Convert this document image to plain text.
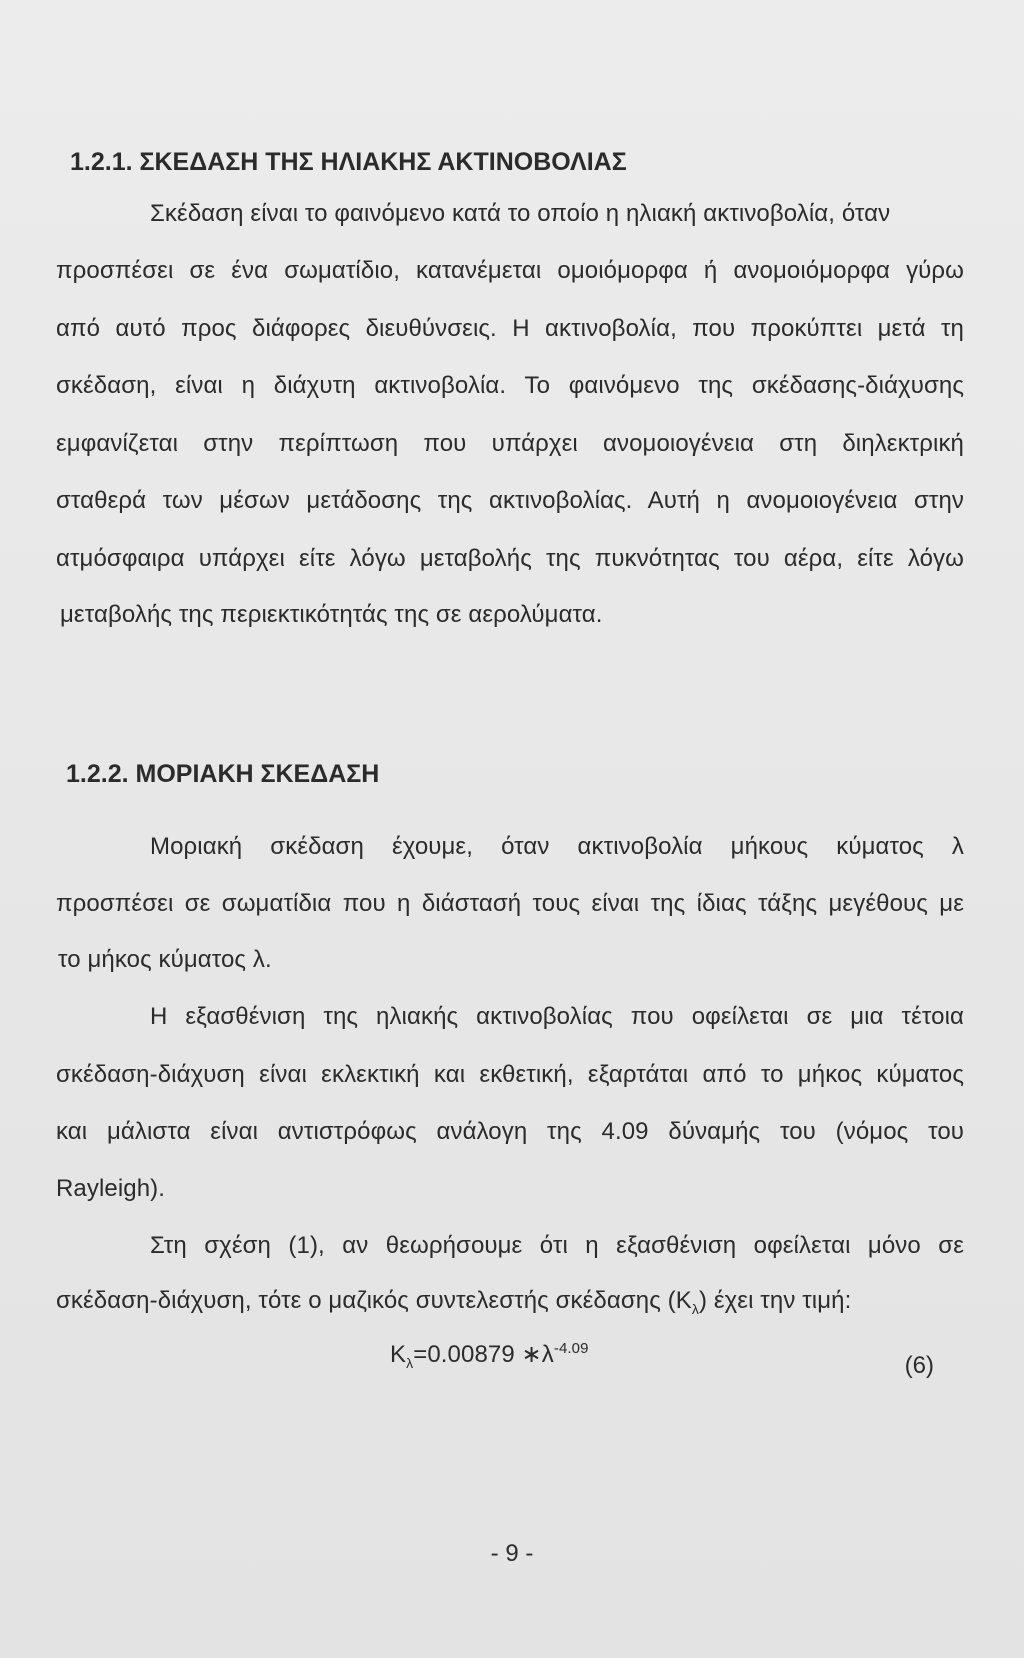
1.2.1. ΣΚΕΔΑΣΗ ΤΗΣ ΗΛΙΑΚΗΣ ΑΚΤΙΝΟΒΟΛΙΑΣ
Σκέδαση είναι το φαινόμενο κατά το οποίο η ηλιακή ακτινοβολία, όταν
προσπέσει σε ένα σωματίδιο, κατανέμεται ομοιόμορφα ή ανομοιόμορφα γύρω
από αυτό προς διάφορες διευθύνσεις. Η ακτινοβολία, που προκύπτει μετά τη
σκέδαση, είναι η διάχυτη ακτινοβολία. Το φαινόμενο της σκέδασης-διάχυσης
εμφανίζεται στην περίπτωση που υπάρχει ανομοιογένεια στη διηλεκτρική
σταθερά των μέσων μετάδοσης της ακτινοβολίας. Αυτή η ανομοιογένεια στην
ατμόσφαιρα υπάρχει είτε λόγω μεταβολής της πυκνότητας του αέρα, είτε λόγω
μεταβολής της περιεκτικότητάς της σε αερολύματα.
1.2.2. ΜΟΡΙΑΚΗ ΣΚΕΔΑΣΗ
Μοριακή σκέδαση έχουμε, όταν ακτινοβολία μήκους κύματος λ
προσπέσει σε σωματίδια που η διάστασή τους είναι της ίδιας τάξης μεγέθους με
το μήκος κύματος λ.
Η εξασθένιση της ηλιακής ακτινοβολίας που οφείλεται σε μια τέτοια
σκέδαση-διάχυση είναι εκλεκτική και εκθετική, εξαρτάται από το μήκος κύματος
και μάλιστα είναι αντιστρόφως ανάλογη της 4.09 δύναμής του (νόμος του
Rayleigh).
Στη σχέση (1), αν θεωρήσουμε ότι η εξασθένιση οφείλεται μόνο σε
σκέδαση-διάχυση, τότε ο μαζικός συντελεστής σκέδασης $(K_\lambda)$ έχει την τιμή:
$K_\lambda=0.00879$ $∗\lambda^{-4.09}$
(6)
- 9 -
